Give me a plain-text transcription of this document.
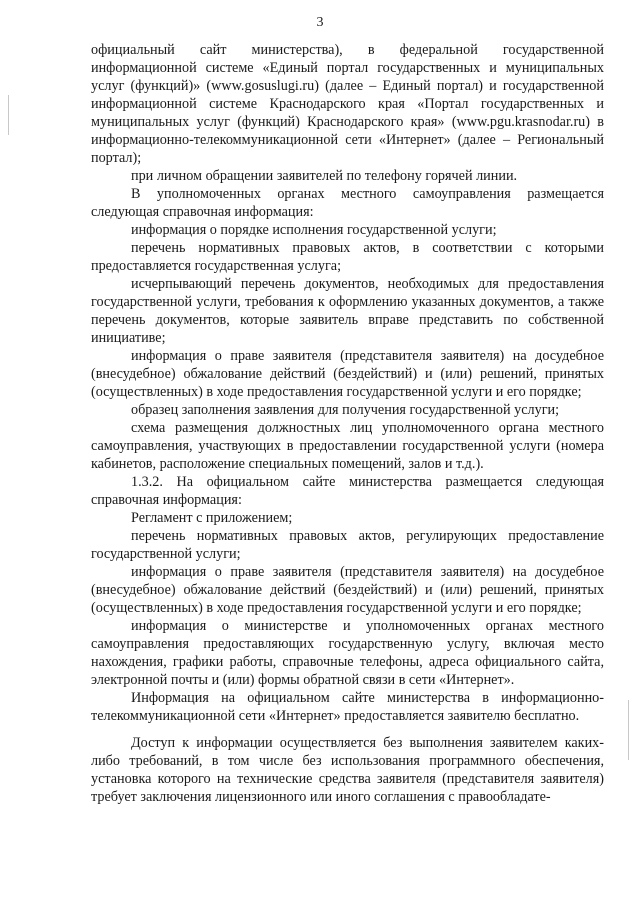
3

официальный сайт министерства), в федеральной государственной информационной системе «Единый портал государственных и муниципальных услуг (функций)» (www.gosuslugi.ru) (далее – Единый портал) и государственной информационной системе Краснодарского края «Портал государственных и муниципальных услуг (функций) Краснодарского края» (www.pgu.krasnodar.ru) в информационно-телекоммуникационной сети «Интернет» (далее – Региональный портал);

при личном обращении заявителей по телефону горячей линии.

В уполномоченных органах местного самоуправления размещается следующая справочная информация:

информация о порядке исполнения государственной услуги;

перечень нормативных правовых актов, в соответствии с которыми предоставляется государственная услуга;

исчерпывающий перечень документов, необходимых для предоставления государственной услуги, требования к оформлению указанных документов, а также перечень документов, которые заявитель вправе представить по собственной инициативе;

информация о праве заявителя (представителя заявителя) на досудебное (внесудебное) обжалование действий (бездействий) и (или) решений, принятых (осуществленных) в ходе предоставления государственной услуги и его порядке;

образец заполнения заявления для получения государственной услуги;

схема размещения должностных лиц уполномоченного органа местного самоуправления, участвующих в предоставлении государственной услуги (номера кабинетов, расположение специальных помещений, залов и т.д.).

1.3.2. На официальном сайте министерства размещается следующая справочная информация:

Регламент с приложением;

перечень нормативных правовых актов, регулирующих предоставление государственной услуги;

информация о праве заявителя (представителя заявителя) на досудебное (внесудебное) обжалование действий (бездействий) и (или) решений, принятых (осуществленных) в ходе предоставления государственной услуги и его порядке;

информация о министерстве и уполномоченных органах местного самоуправления предоставляющих государственную услугу, включая место нахождения, графики работы, справочные телефоны, адреса официального сайта, электронной почты и (или) формы обратной связи в сети «Интернет».

Информация на официальном сайте министерства в информационно-телекоммуникационной сети «Интернет» предоставляется заявителю бесплатно.

Доступ к информации осуществляется без выполнения заявителем каких-либо требований, в том числе без использования программного обеспечения, установка которого на технические средства заявителя (представителя заявителя) требует заключения лицензионного или иного соглашения с правообладате-
